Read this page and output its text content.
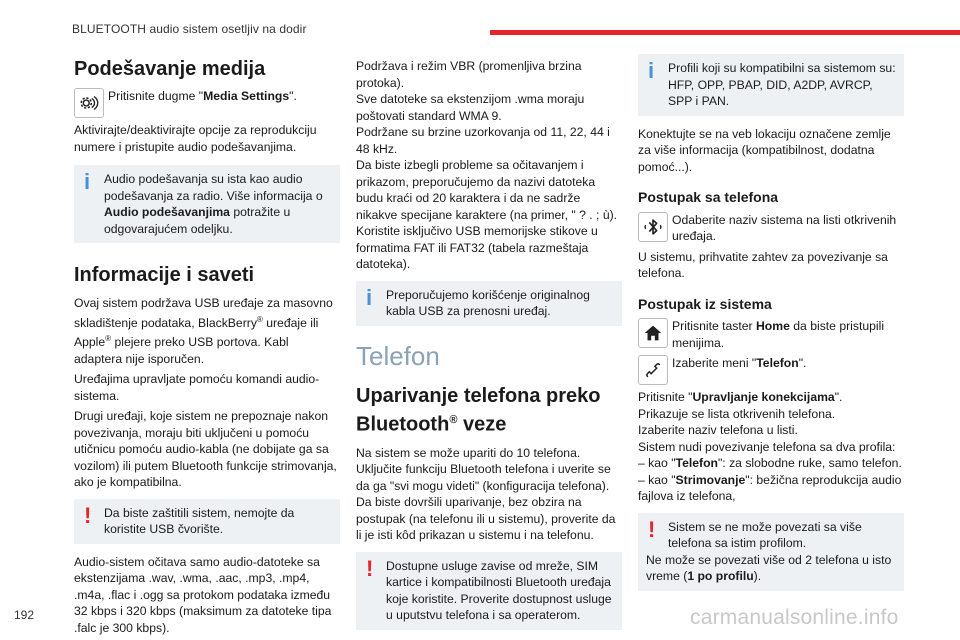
BLUETOOTH audio sistem osetljiv na dodir
Podešavanje medija
Pritisnite dugme "Media Settings".

Aktivirajte/deaktivirajte opcije za reprodukciju numere i pristupite audio podešavanjima.

i	Audio podešavanja su ista kao audio podešavanja za radio. Više informacija o Audio podešavanjima potražite u odgovarajućem odeljku.
Informacije i saveti

Ovaj sistem podržava USB uređaje za masovno skladištenje podataka, BlackBerry® uređaje ili Apple® plejere preko USB portova. Kabl adaptera nije isporučen.

Uređajima upravljate pomoću komandi audio-sistema.

Drugi uređaji, koje sistem ne prepoznaje nakon povezivanja, moraju biti uključeni u pomoću utičnicu pomoću audio-kabla (ne dobijate ga sa vozilom) ili putem Bluetooth funkcije strimovanja, ako je kompatibilna.

!	Da biste zaštitili sistem, nemojte da koristite USB čvorište.

Audio-sistem očitava samo audio-datoteke sa ekstenzijama .wav, .wma, .aac, .mp3, .mp4, .m4a, .flac i .ogg sa protokom podataka između 32 kbps i 320 kbps (maksimum za datoteke tipa .falc je 300 kbps).

Podržava i režim VBR (promenljiva brzina protoka).

Sve datoteke sa ekstenzijom .wma moraju poštovati standard WMA 9.

Podržane su brzine uzorkovanja od 11, 22, 44 i 48 kHz.

Da biste izbegli probleme sa očitavanjem i prikazom, preporučujemo da nazivi datoteka budu kraći od 20 karaktera i da ne sadrže nikakve specijane karaktere (na primer, " ? . ; ù).

Koristite isključivo USB memorijske stikove u formatima FAT ili FAT32 (tabela razmeštaja datoteka).

i	Preporučujemo korišćenje originalnog kabla USB za prenosni uređaj.
Telefon
Uparivanje telefona preko Bluetooth® veze

Na sistem se može upariti do 10 telefona.

Uključite funkciju Bluetooth telefona i uverite se da ga "svi mogu videti" (konfiguracija telefona).

Da biste dovršili uparivanje, bez obzira na postupak (na telefonu ili u sistemu), proverite da li je isti kôd prikazan u sistemu i na telefonu.

!	Dostupne usluge zavise od mreže, SIM kartice i kompatibilnosti Bluetooth uređaja koje koristite. Proverite dostupnost usluge u uputstvu telefona i sa operaterom.
i	Profili koji su kompatibilni sa sistemom su: HFP, OPP, PBAP, DID, A2DP, AVRCP, SPP i PAN.

Konektujte se na veb lokaciju označene zemlje za više informacija (kompatibilnost, dodatna pomoć...).

Postupak sa telefona
Odaberite naziv sistema na listi otkrivenih uređaja.

U sistemu, prihvatite zahtev za povezivanje sa telefona.

Postupak iz sistema
Pritisnite taster Home da biste pristupili menijima.
Izaberite meni "Telefon".

Pritisnite "Upravljanje konekcijama".

Prikazuje se lista otkrivenih telefona.

Izaberite naziv telefona u listi.

Sistem nudi povezivanje telefona sa dva profila:

– kao "Telefon": za slobodne ruke, samo telefon.

– kao "Strimovanje": bežična reprodukcija audio fajlova iz telefona,

!	Sistem se ne može povezati sa više telefona sa istim profilom.
Ne može se povezati više od 2 telefona u isto vreme (1 po profilu).
192	carmanualsonline.info
